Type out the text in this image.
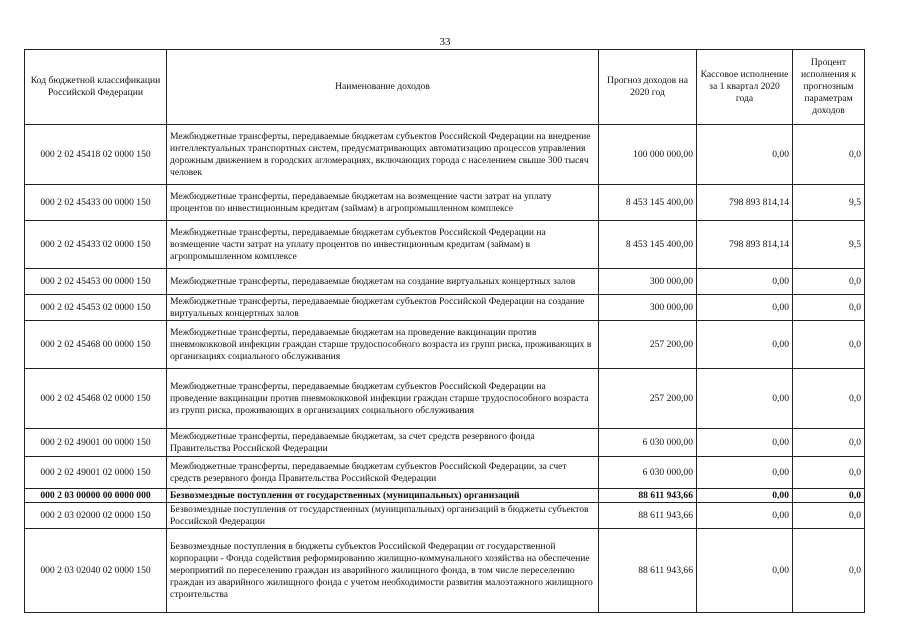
33
Код бюджетной классификации Российской Федерации	Наименование доходов	Прогноз доходов на 2020 год	Кассовое исполнение за 1 квартал 2020 года	Процент исполнения к прогнозным параметрам доходов
000 2 02 45418 02 0000 150	Межбюджетные трансферты, передаваемые бюджетам субъектов Российской Федерации на внедрение интеллектуальных транспортных систем, предусматривающих автоматизацию процессов управления дорожным движением в городских агломерациях, включающих города с населением свыше 300 тысяч человек	100 000 000,00	0,00	0,0
000 2 02 45433 00 0000 150	Межбюджетные трансферты, передаваемые бюджетам на возмещение части затрат на уплату процентов по инвестиционным кредитам (займам) в агропромышленном комплексе	8 453 145 400,00	798 893 814,14	9,5
000 2 02 45433 02 0000 150	Межбюджетные трансферты, передаваемые бюджетам субъектов Российской Федерации на возмещение части затрат на уплату процентов по инвестиционным кредитам (займам) в агропромышленном комплексе	8 453 145 400,00	798 893 814,14	9,5
000 2 02 45453 00 0000 150	Межбюджетные трансферты, передаваемые бюджетам на создание виртуальных концертных залов	300 000,00	0,00	0,0
000 2 02 45453 02 0000 150	Межбюджетные трансферты, передаваемые бюджетам субъектов Российской Федерации на создание виртуальных концертных залов	300 000,00	0,00	0,0
000 2 02 45468 00 0000 150	Межбюджетные трансферты, передаваемые бюджетам на проведение вакцинации против пневмококковой инфекции граждан старше трудоспособного возраста из групп риска, проживающих в организациях социального обслуживания	257 200,00	0,00	0,0
000 2 02 45468 02 0000 150	Межбюджетные трансферты, передаваемые бюджетам субъектов Российской Федерации на проведение вакцинации против пневмококковой инфекции граждан старше трудоспособного возраста из групп риска, проживающих в организациях социального обслуживания	257 200,00	0,00	0,0
000 2 02 49001 00 0000 150	Межбюджетные трансферты, передаваемые бюджетам, за счет средств резервного фонда Правительства Российской Федерации	6 030 000,00	0,00	0,0
000 2 02 49001 02 0000 150	Межбюджетные трансферты, передаваемые бюджетам субъектов Российской Федерации, за счет средств резервного фонда Правительства Российской Федерации	6 030 000,00	0,00	0,0
000 2 03 00000 00 0000 000	Безвозмездные поступления от государственных (муниципальных) организаций	88 611 943,66	0,00	0,0
000 2 03 02000 02 0000 150	Безвозмездные поступления от государственных (муниципальных) организаций в бюджеты субъектов Российской Федерации	88 611 943,66	0,00	0,0
000 2 03 02040 02 0000 150	Безвозмездные поступления в бюджеты субъектов Российской Федерации от государственной корпорации - Фонда содействия реформированию жилищно-коммунального хозяйства на обеспечение мероприятий по переселению граждан из аварийного жилищного фонда, в том числе переселению граждан из аварийного жилищного фонда с учетом необходимости развития малоэтажного жилищного строительства	88 611 943,66	0,00	0,0
